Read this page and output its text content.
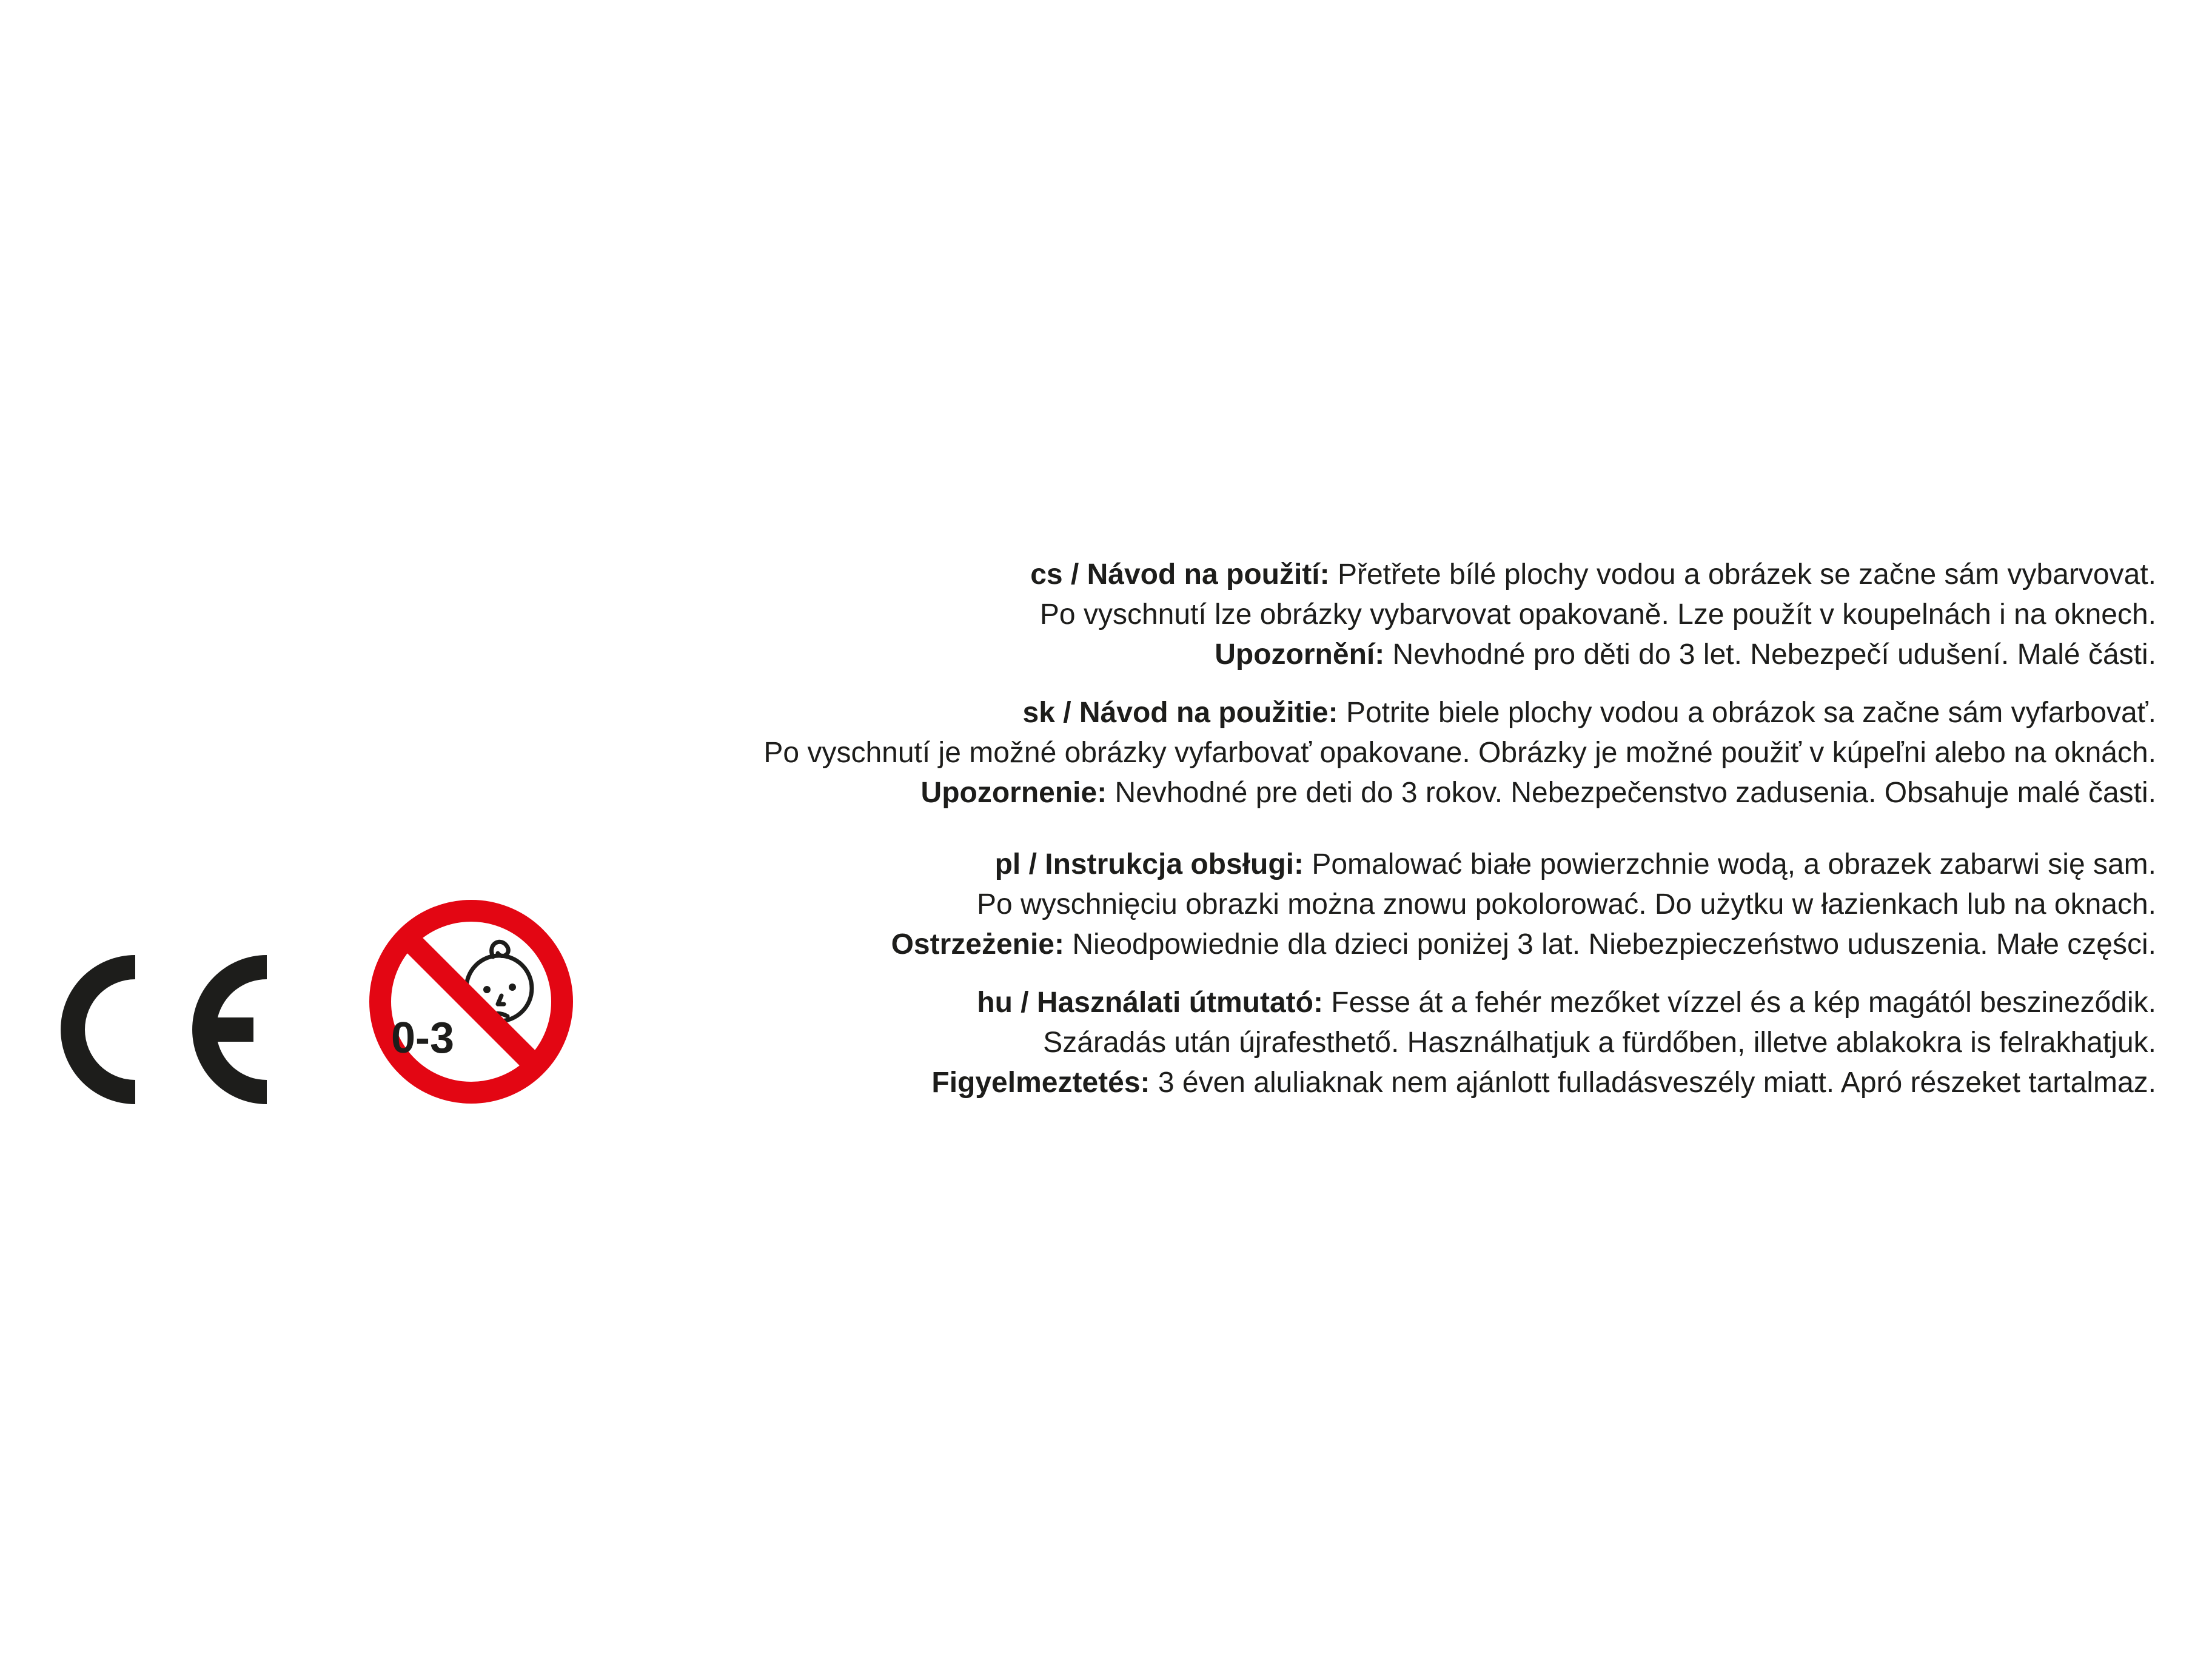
0-3
cs / Návod na použití: Přetřete bílé plochy vodou a obrázek se začne sám vybarvovat.
Po vyschnutí lze obrázky vybarvovat opakovaně. Lze použít v koupelnách i na oknech.
Upozornění: Nevhodné pro děti do 3 let. Nebezpečí udušení. Malé části.
sk / Návod na použitie: Potrite biele plochy vodou a obrázok sa začne sám vyfarbovať.
Po vyschnutí je možné obrázky vyfarbovať opakovane. Obrázky je možné použiť v kúpeľni alebo na oknách.
Upozornenie: Nevhodné pre deti do 3 rokov. Nebezpečenstvo zadusenia. Obsahuje malé časti.
pl / Instrukcja obsługi: Pomalować białe powierzchnie wodą, a obrazek zabarwi się sam.
Po wyschnięciu obrazki można znowu pokolorować. Do użytku w łazienkach lub na oknach.
Ostrzeżenie: Nieodpowiednie dla dzieci poniżej 3 lat. Niebezpieczeństwo uduszenia. Małe części.
hu / Használati útmutató: Fesse át a fehér mezőket vízzel és a kép magától beszineződik.
Száradás után újrafesthető. Használhatjuk a fürdőben, illetve ablakokra is felrakhatjuk.
Figyelmeztetés: 3 éven aluliaknak nem ajánlott fulladásveszély miatt. Apró részeket tartalmaz.
